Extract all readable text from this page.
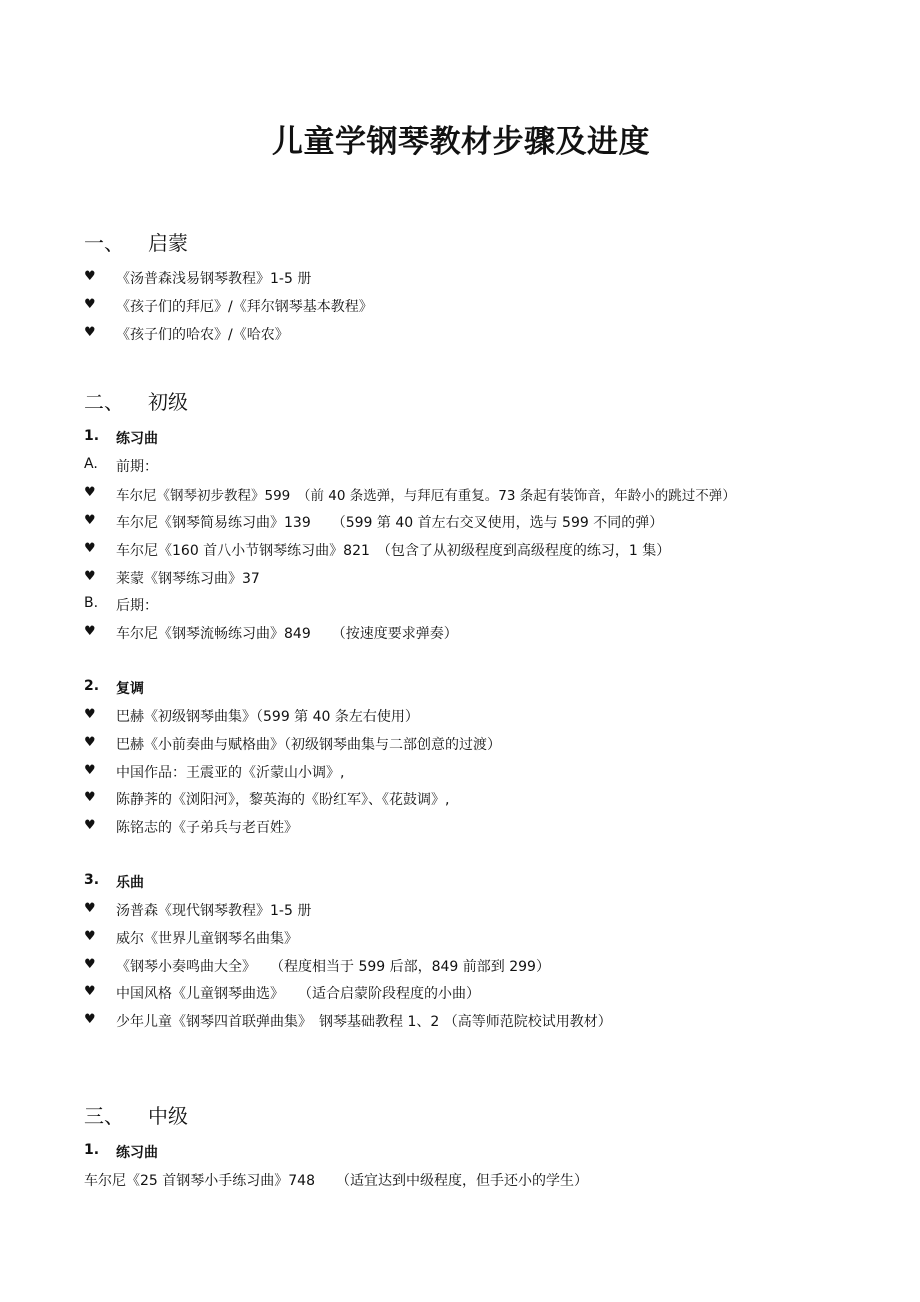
儿童学钢琴教材步骤及进度
一、 启蒙
♥ 《汤普森浅易钢琴教程》1-5 册
♥ 《孩子们的拜厄》/《拜尔钢琴基本教程》
♥ 《孩子们的哈农》/《哈农》
二、 初级
1. 练习曲
A. 前期：
♥ 车尔尼《钢琴初步教程》599　（前 40 条选弹，与拜厄有重复。73 条起有装饰音，年龄小的跳过不弹）
♥ 车尔尼《钢琴简易练习曲》139　　（599 第 40 首左右交叉使用，选与 599 不同的弹）
♥ 车尔尼《160 首八小节钢琴练习曲》821　（包含了从初级程度到高级程度的练习，1 集）
♥ 莱蒙《钢琴练习曲》37
B. 后期：
♥ 车尔尼《钢琴流畅练习曲》849　　（按速度要求弹奏）
2. 复调
♥ 巴赫《初级钢琴曲集》（599 第 40 条左右使用）
♥ 巴赫《小前奏曲与赋格曲》（初级钢琴曲集与二部创意的过渡）
♥ 中国作品：王震亚的《沂蒙山小调》,
♥ 陈静荠的《浏阳河》，黎英海的《盼红军》、《花鼓调》,
♥ 陈铭志的《子弟兵与老百姓》
3. 乐曲
♥ 汤普森《现代钢琴教程》1-5 册
♥ 威尔《世界儿童钢琴名曲集》
♥ 《钢琴小奏鸣曲大全》　　（程度相当于 599 后部，849 前部到 299）
♥ 中国风格《儿童钢琴曲选》　　（适合启蒙阶段程度的小曲）
♥ 少年儿童《钢琴四首联弹曲集》　钢琴基础教程 1、2 （高等师范院校试用教材）
三、 中级
1. 练习曲
车尔尼《25 首钢琴小手练习曲》748　　（适宜达到中级程度，但手还小的学生）
